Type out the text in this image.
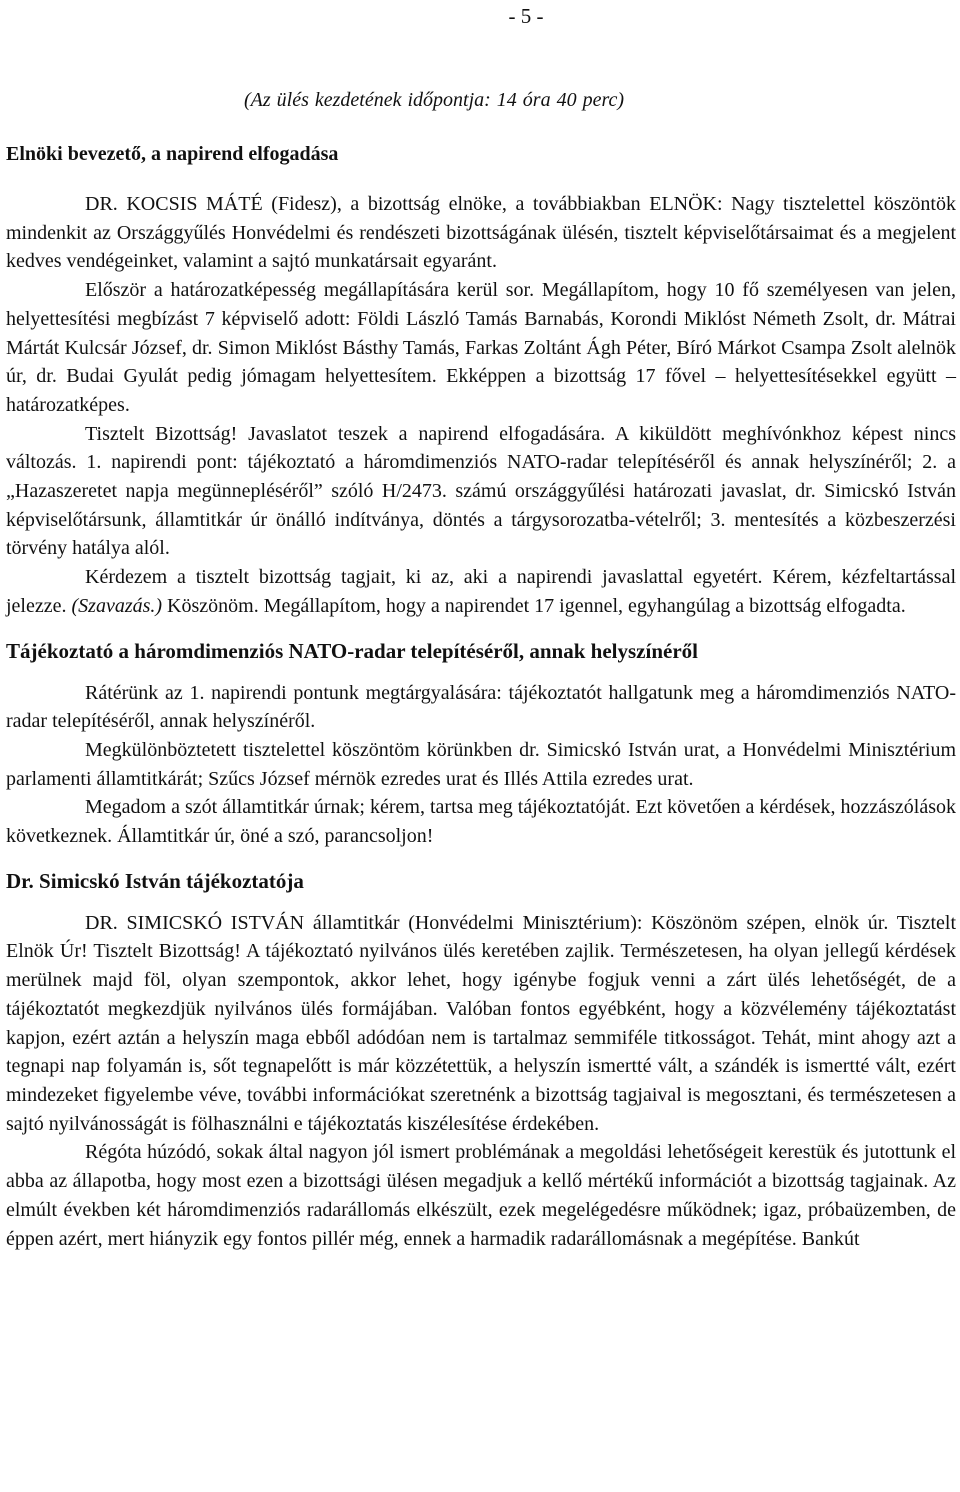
- 5 -
(Az ülés kezdetének időpontja: 14 óra 40 perc)
Elnöki bevezető, a napirend elfogadása

DR. KOCSIS MÁTÉ (Fidesz), a bizottság elnöke, a továbbiakban ELNÖK: Nagy tisztelettel köszöntök mindenkit az Országgyűlés Honvédelmi és rendészeti bizottságának ülésén, tisztelt képviselőtársaimat és a megjelent kedves vendégeinket, valamint a sajtó munkatársait egyaránt.

Először a határozatképesség megállapítására kerül sor. Megállapítom, hogy 10 fő személyesen van jelen, helyettesítési megbízást 7 képviselő adott: Földi László Tamás Barnabás, Korondi Miklóst Németh Zsolt, dr. Mátrai Mártát Kulcsár József, dr. Simon Miklóst Básthy Tamás, Farkas Zoltánt Ágh Péter, Bíró Márkot Csampa Zsolt alelnök úr, dr. Budai Gyulát pedig jómagam helyettesítem. Ekképpen a bizottság 17 fővel – helyettesítésekkel együtt – határozatképes.

Tisztelt Bizottság! Javaslatot teszek a napirend elfogadására. A kiküldött meghívónkhoz képest nincs változás. 1. napirendi pont: tájékoztató a háromdimenziós NATO-radar telepítéséről és annak helyszínéről; 2. a „Hazaszeretet napja megünnepléséről” szóló H/2473. számú országgyűlési határozati javaslat, dr. Simicskó István képviselőtársunk, államtitkár úr önálló indítványa, döntés a tárgysorozatba-vételről; 3. mentesítés a közbeszerzési törvény hatálya alól.

Kérdezem a tisztelt bizottság tagjait, ki az, aki a napirendi javaslattal egyetért. Kérem, kézfeltartással jelezze. (Szavazás.) Köszönöm. Megállapítom, hogy a napirendet 17 igennel, egyhangúlag a bizottság elfogadta.

Tájékoztató a háromdimenziós NATO-radar telepítéséről, annak helyszínéről

Rátérünk az 1. napirendi pontunk megtárgyalására: tájékoztatót hallgatunk meg a háromdimenziós NATO-radar telepítéséről, annak helyszínéről.

Megkülönböztetett tisztelettel köszöntöm körünkben dr. Simicskó István urat, a Honvédelmi Minisztérium parlamenti államtitkárát; Szűcs József mérnök ezredes urat és Illés Attila ezredes urat.

Megadom a szót államtitkár úrnak; kérem, tartsa meg tájékoztatóját. Ezt követően a kérdések, hozzászólások következnek. Államtitkár úr, öné a szó, parancsoljon!

Dr. Simicskó István tájékoztatója

DR. SIMICSKÓ ISTVÁN államtitkár (Honvédelmi Minisztérium): Köszönöm szépen, elnök úr. Tisztelt Elnök Úr! Tisztelt Bizottság! A tájékoztató nyilvános ülés keretében zajlik. Természetesen, ha olyan jellegű kérdések merülnek majd föl, olyan szempontok, akkor lehet, hogy igénybe fogjuk venni a zárt ülés lehetőségét, de a tájékoztatót megkezdjük nyilvános ülés formájában. Valóban fontos egyébként, hogy a közvélemény tájékoztatást kapjon, ezért aztán a helyszín maga ebből adódóan nem is tartalmaz semmiféle titkosságot. Tehát, mint ahogy azt a tegnapi nap folyamán is, sőt tegnapelőtt is már közzétettük, a helyszín ismertté vált, a szándék is ismertté vált, ezért mindezeket figyelembe véve, további információkat szeretnénk a bizottság tagjaival is megosztani, és természetesen a sajtó nyilvánosságát is fölhasználni e tájékoztatás kiszélesítése érdekében.

Régóta húzódó, sokak által nagyon jól ismert problémának a megoldási lehetőségeit kerestük és jutottunk el abba az állapotba, hogy most ezen a bizottsági ülésen megadjuk a kellő mértékű információt a bizottság tagjainak. Az elmúlt években két háromdimenziós radarállomás elkészült, ezek megelégedésre működnek; igaz, próbaüzemben, de éppen azért, mert hiányzik egy fontos pillér még, ennek a harmadik radarállomásnak a megépítése. Bankút
